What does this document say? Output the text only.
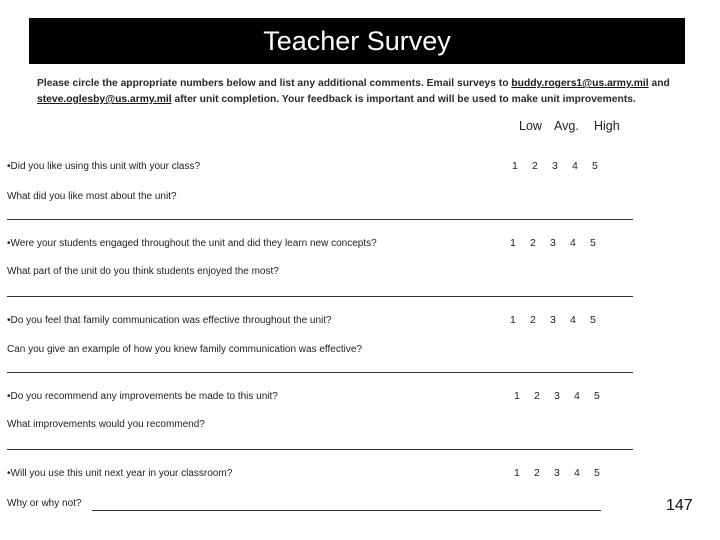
Teacher Survey
Please circle the appropriate numbers below and list any additional comments. Email surveys to buddy.rogers1@us.army.mil and steve.oglesby@us.army.mil after unit completion. Your feedback is important and will be used to make unit improvements.
Low Avg. High
•Did you like using this unit with your class?	1 2 3 4 5
What did you like most about the unit?
•Were your students engaged throughout the unit and did they learn new concepts?	1 2 3 4 5
What part of the unit do you think students enjoyed the most?
•Do you feel that family communication was effective throughout the unit?	1 2 3 4 5
Can you give an example of how you knew family communication was effective?
•Do you recommend any improvements be made to this unit?	1 2 3 4 5
What improvements would you recommend?
•Will you use this unit next year in your classroom?	1 2 3 4 5
Why or why not?	147
